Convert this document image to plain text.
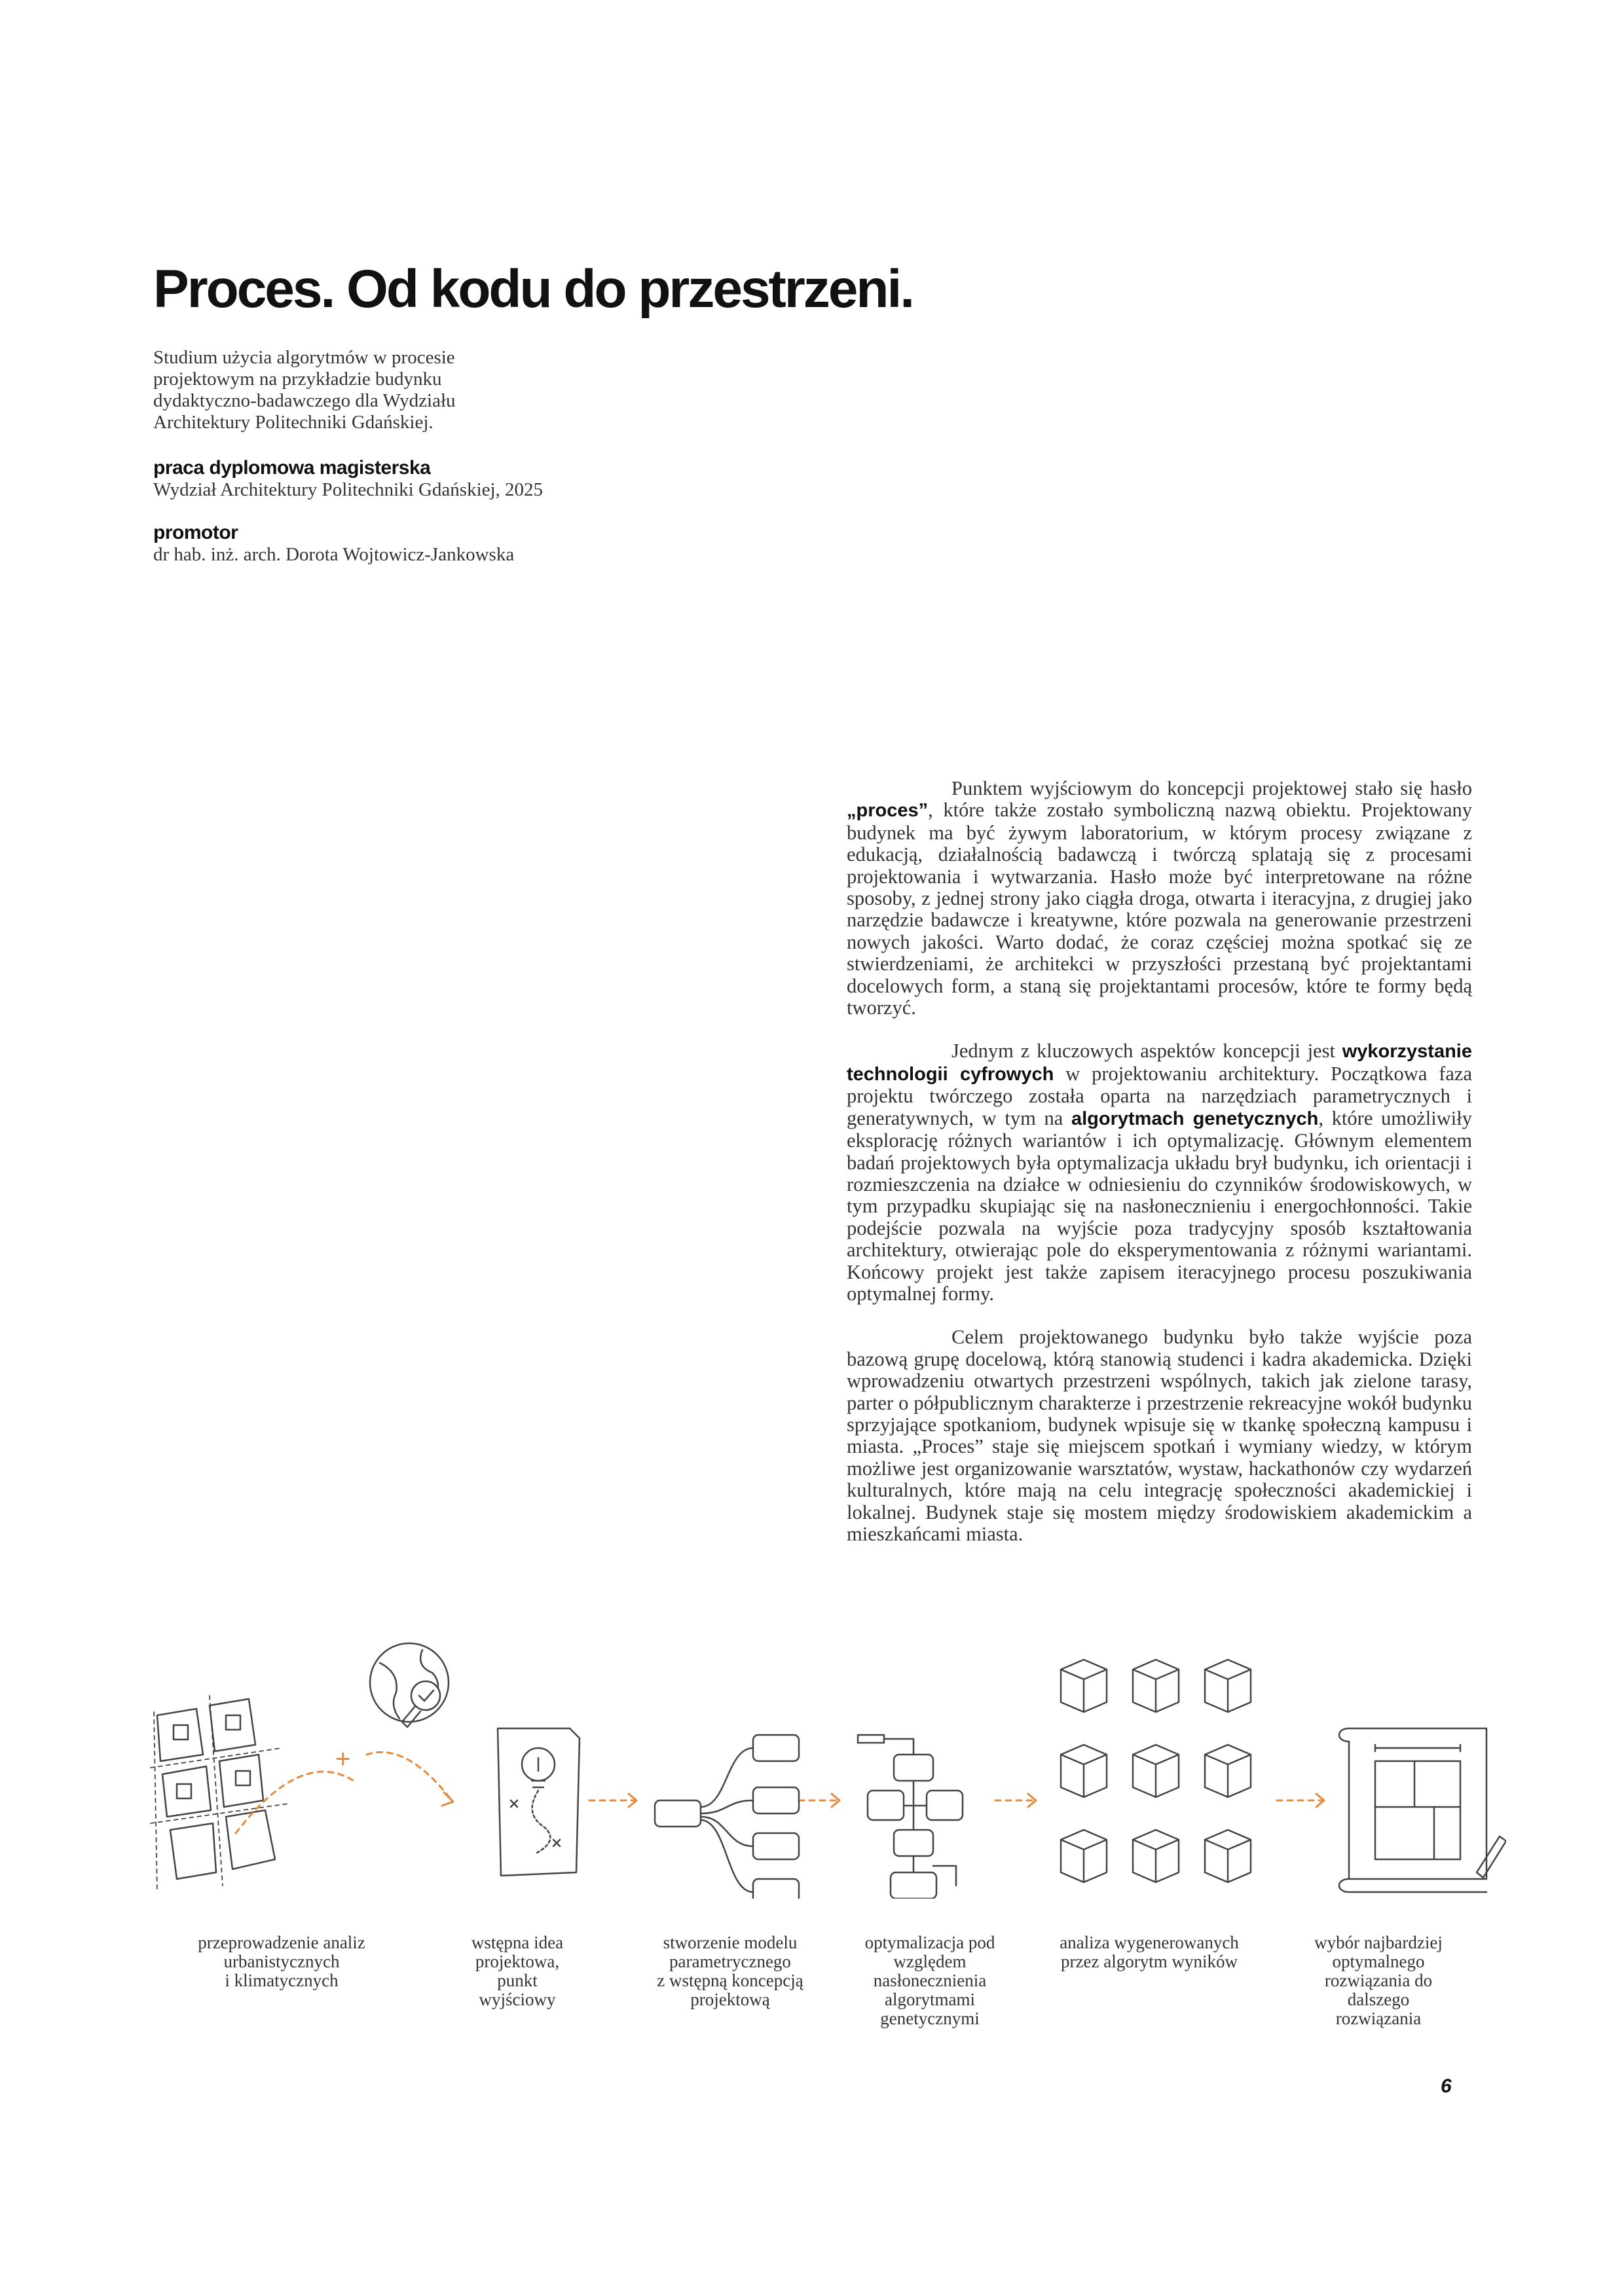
Proces. Od kodu do przestrzeni.

Studium użycia algorytmów w procesie

projektowym na przykładzie budynku

dydaktyczno-badawczego dla Wydziału

Architektury Politechniki Gdańskiej.

praca dyplomowa magisterska

Wydział Architektury Politechniki Gdańskiej, 2025

promotor

dr hab. inż. arch. Dorota Wojtowicz-Jankowska

Punktem wyjściowym do koncepcji projektowej stało się hasło „proces”, które także zostało symboliczną nazwą obiektu. Projektowany budynek ma być żywym laboratorium, w którym procesy związane z edukacją, działalnością badawczą i twórczą splatają się z procesami projektowania i wytwarzania. Hasło może być interpretowane na różne sposoby, z jednej strony jako ciągła droga, otwarta i iteracyjna, z drugiej jako narzędzie badawcze i kreatywne, które pozwala na generowanie przestrzeni nowych jakości. Warto dodać, że coraz częściej można spotkać się ze stwierdzeniami, że architekci w przyszłości przestaną być projektantami docelowych form, a staną się projektantami procesów, które te formy będą tworzyć.

Jednym z kluczowych aspektów koncepcji jest wykorzystanie technologii cyfrowych w projektowaniu architektury. Początkowa faza projektu twórczego została oparta na narzędziach parametrycznych i generatywnych, w tym na algorytmach genetycznych, które umożliwiły eksplorację różnych wariantów i ich optymalizację. Głównym elementem badań projektowych była optymalizacja układu brył budynku, ich orientacji i rozmieszczenia na działce w odniesieniu do czynników środowiskowych, w tym przypadku skupiając się na nasłonecznieniu i energochłonności. Takie podejście pozwala na wyjście poza tradycyjny sposób kształtowania architektury, otwierając pole do eksperymentowania z różnymi wariantami. Końcowy projekt jest także zapisem iteracyjnego procesu poszukiwania optymalnej formy.

Celem projektowanego budynku było także wyjście poza bazową grupę docelową, którą stanowią studenci i kadra akademicka. Dzięki wprowadzeniu otwartych przestrzeni wspólnych, takich jak zielone tarasy, parter o półpublicznym charakterze i przestrzenie rekreacyjne wokół budynku sprzyjające spotkaniom, budynek wpisuje się w tkankę społeczną kampusu i miasta. „Proces” staje się miejscem spotkań i wymiany wiedzy, w którym możliwe jest organizowanie warsztatów, wystaw, hackathonów czy wydarzeń kulturalnych, które mają na celu integrację społeczności akademickiej i lokalnej. Budynek staje się mostem między środowiskiem akademickim a mieszkańcami miasta.

+
przeprowadzenie analiz
urbanistycznych
i klimatycznych
wstępna idea
projektowa,
punkt
wyjściowy
stworzenie modelu
parametrycznego
z wstępną koncepcją
projektową
optymalizacja pod
względem
nasłonecznienia
algorytmami
genetycznymi
analiza wygenerowanych
przez algorytm wyników
wybór najbardziej
optymalnego
rozwiązania do
dalszego
rozwiązania
6
